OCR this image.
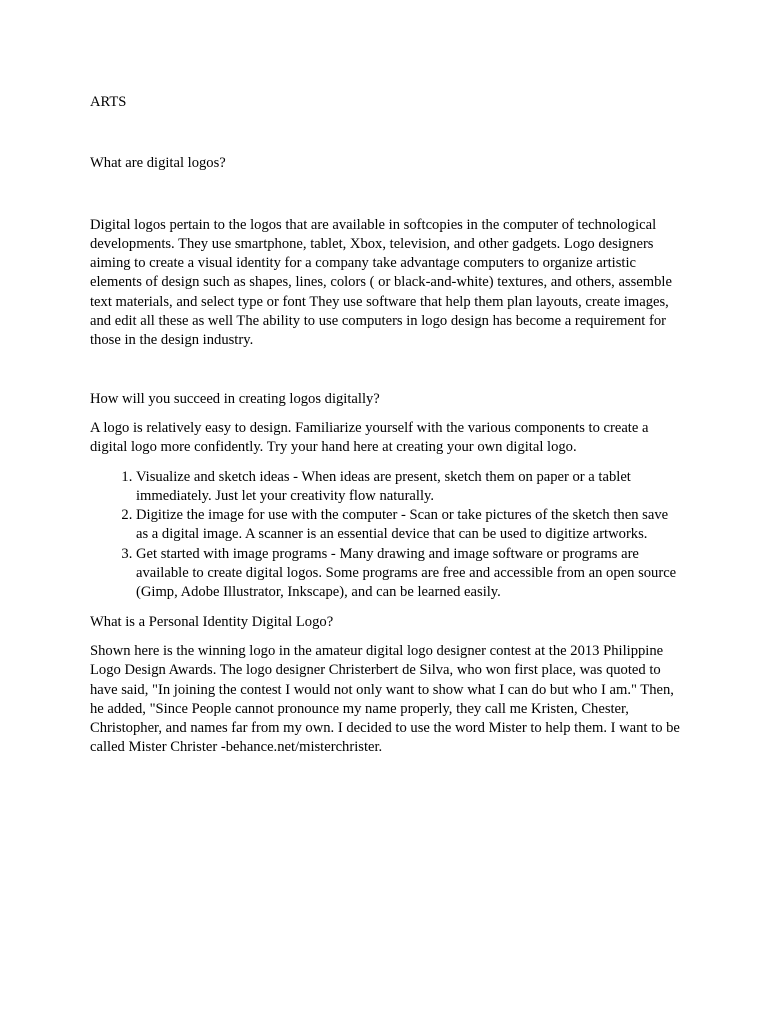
ARTS

What are digital logos?

Digital logos pertain to the logos that are available in softcopies in the computer of technological developments. They use smartphone, tablet, Xbox, television, and other gadgets. Logo designers aiming to create a visual identity for a company take advantage computers to organize artistic elements of design such as shapes, lines, colors ( or black-and-white) textures, and others, assemble text materials, and select type or font They use software that help them plan layouts, create images, and edit all these as well The ability to use computers in logo design has become a requirement for those in the design industry.

How will you succeed in creating logos digitally?

A logo is relatively easy to design. Familiarize yourself with the various components to create a digital logo more confidently. Try your hand here at creating your own digital logo.

1. Visualize and sketch ideas - When ideas are present, sketch them on paper or a tablet immediately. Just let your creativity flow naturally.
2. Digitize the image for use with the computer - Scan or take pictures of the sketch then save as a digital image. A scanner is an essential device that can be used to digitize artworks.
3. Get started with image programs - Many drawing and image software or programs are available to create digital logos. Some programs are free and accessible from an open source (Gimp, Adobe Illustrator, Inkscape), and can be learned easily.

What is a Personal Identity Digital Logo?

Shown here is the winning logo in the amateur digital logo designer contest at the 2013 Philippine Logo Design Awards. The logo designer Christerbert de Silva, who won first place, was quoted to have said, "In joining the contest I would not only want to show what I can do but who I am." Then, he added, "Since People cannot pronounce my name properly, they call me Kristen, Chester, Christopher, and names far from my own. I decided to use the word Mister to help them. I want to be called Mister Christer -behance.net/misterchrister.
